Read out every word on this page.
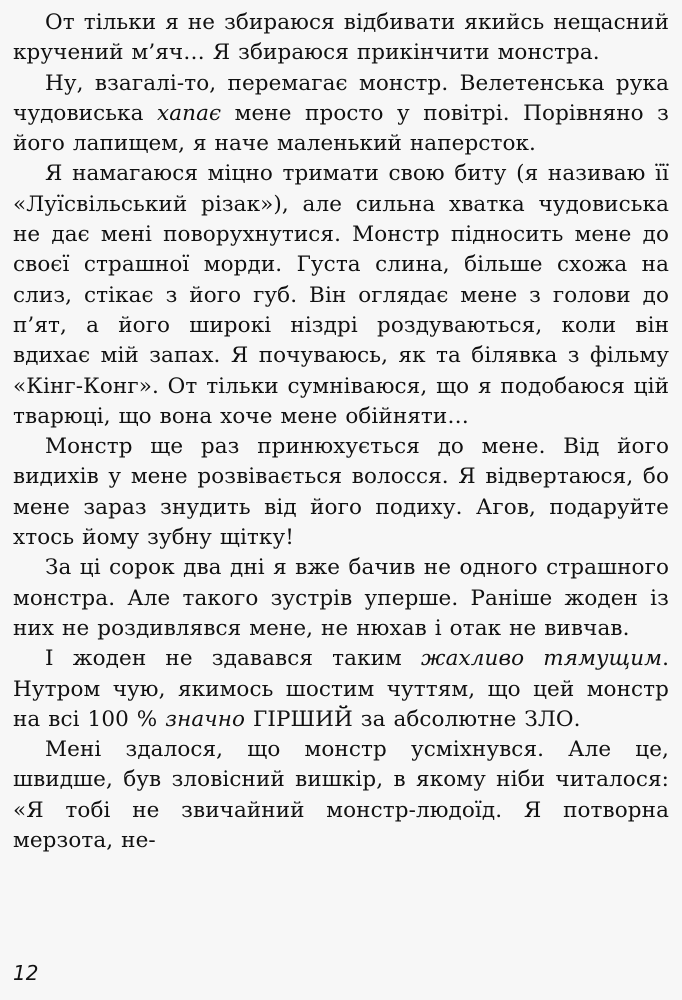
От тільки я не збираюся відбивати якийсь нещасний кручений м’яч… Я збираюся прикінчити монстра.

Ну, взагалі-то, перемагає монстр. Велетенська рука чудовиська хапає мене просто у повітрі. Порівняно з його лапищем, я наче маленький наперсток.

Я намагаюся міцно тримати свою биту (я називаю її «Луїсвільський різак»), але сильна хватка чудовиська не дає мені поворухнутися. Монстр підносить мене до своєї страшної морди. Густа слина, більше схожа на слиз, стікає з його губ. Він оглядає мене з голови до п’ят, а його широкі ніздрі роздуваються, коли він вдихає мій запах. Я почуваюсь, як та білявка з фільму «Кінг-Конг». От тільки сумніваюся, що я подобаюся цій тварюці, що вона хоче мене обійняти…

Монстр ще раз принюхується до мене. Від його видихів у мене розвівається волосся. Я відвертаюся, бо мене зараз знудить від його подиху. Агов, подаруйте хтось йому зубну щітку!

За ці сорок два дні я вже бачив не одного страшного монстра. Але такого зустрів уперше. Раніше жоден із них не роздивлявся мене, не нюхав і отак не вивчав.

І жоден не здавався таким жахливо тямущим. Нутром чую, якимось шостим чуттям, що цей монстр на всі 100 % значно ГІРШИЙ за абсолютне ЗЛО.

Мені здалося, що монстр усміхнувся. Але це, швидше, був зловісний вишкір, в якому ніби читалося: «Я тобі не звичайний монстр-людоїд. Я потворна мерзота, не-

12
